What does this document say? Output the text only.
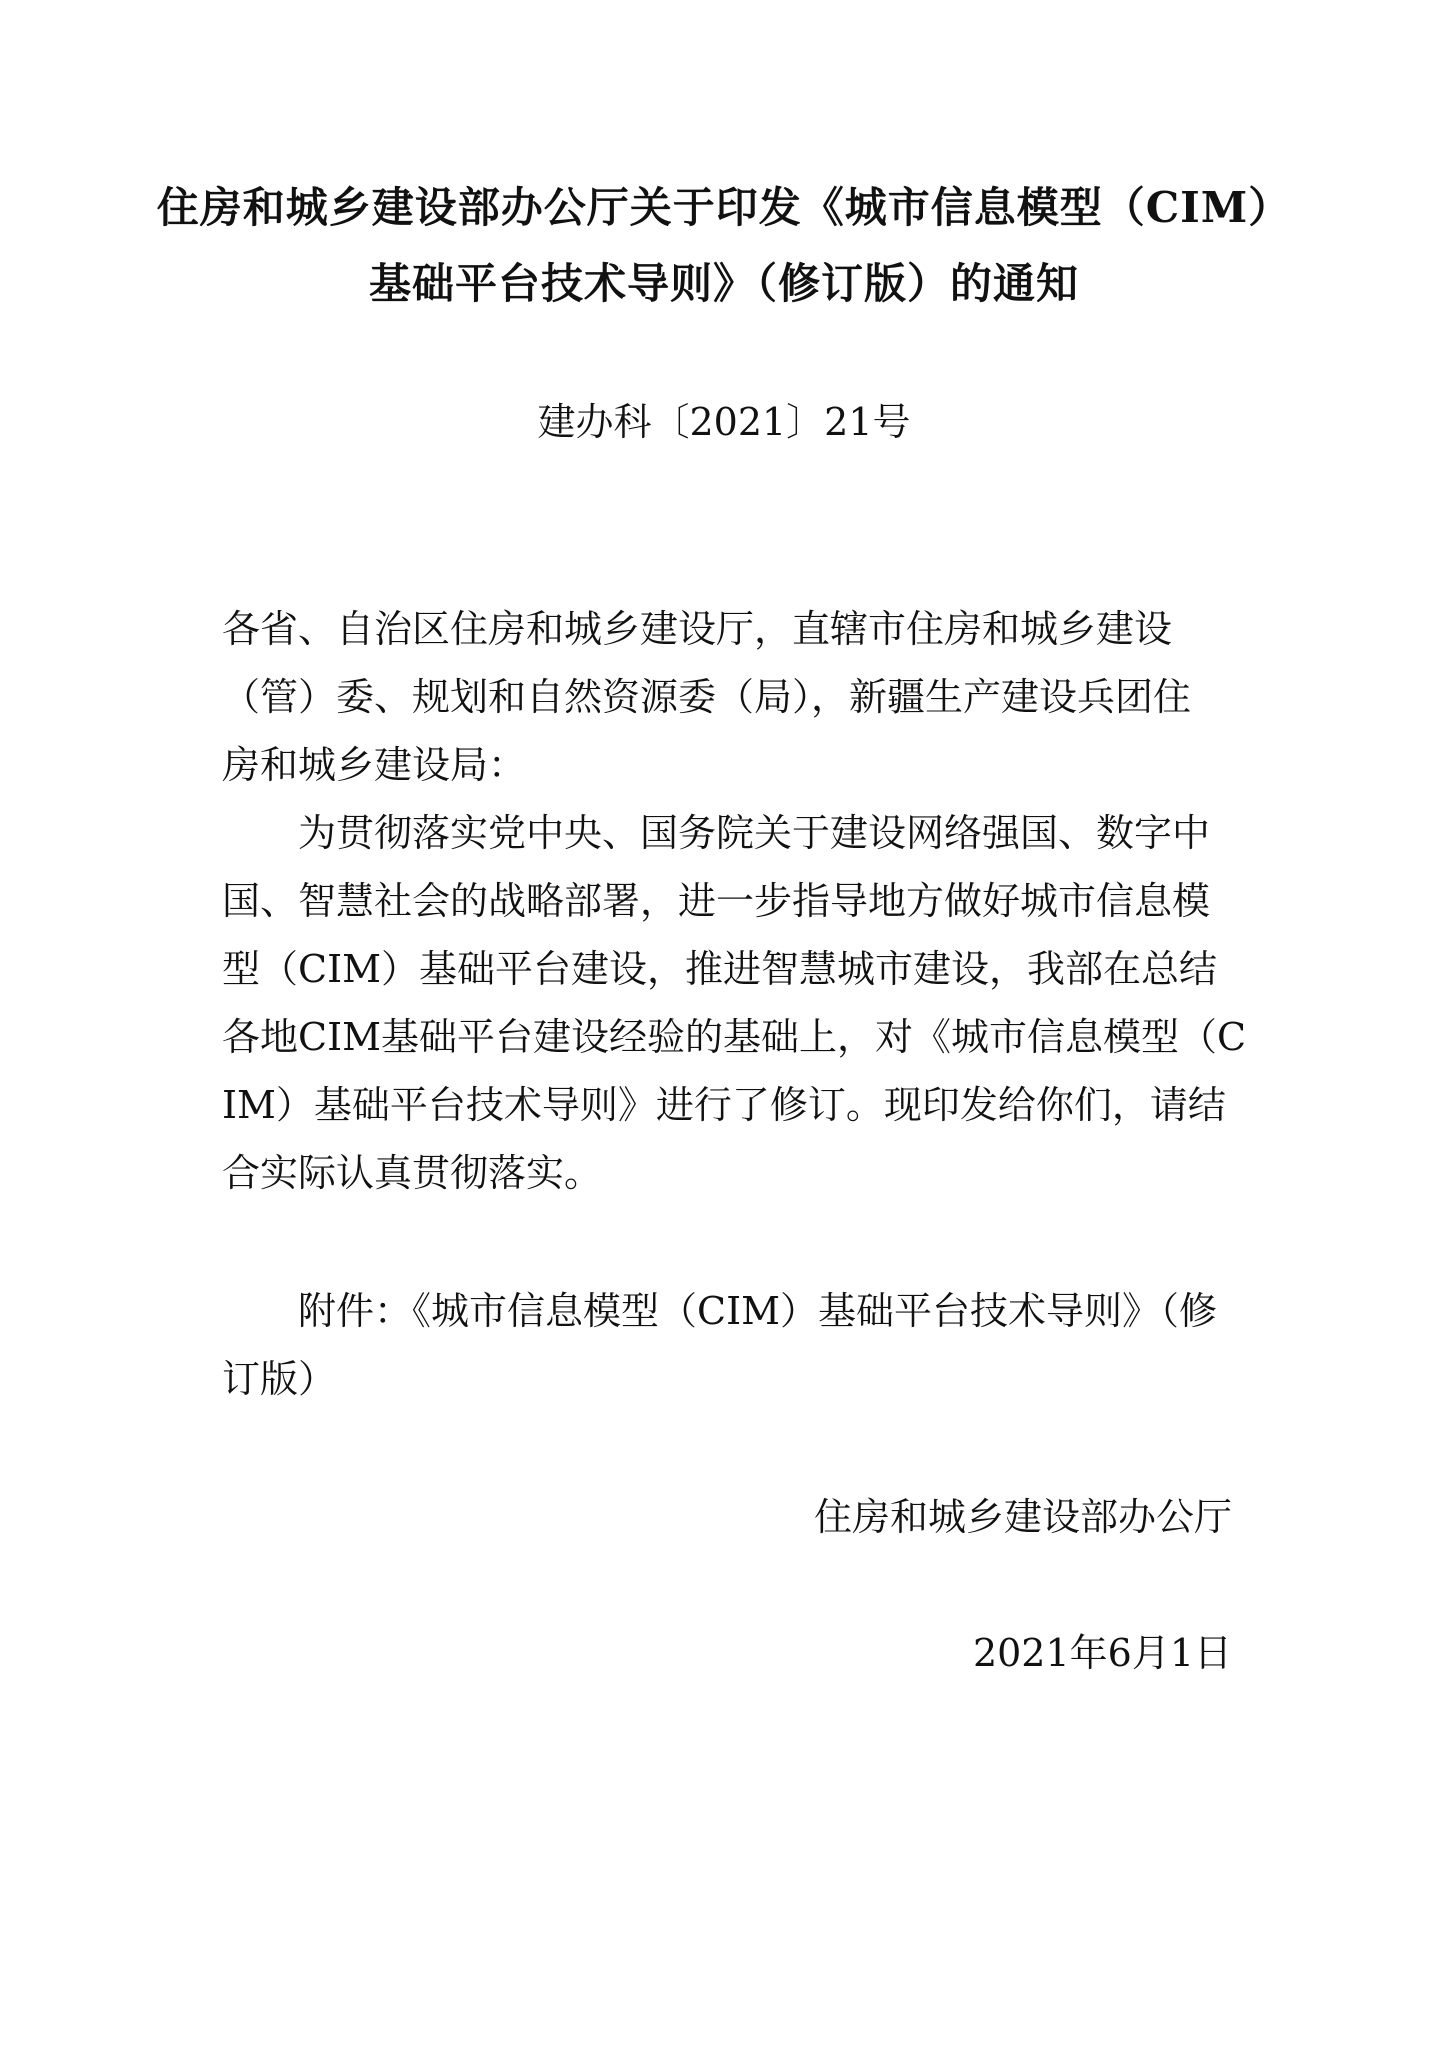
住房和城乡建设部办公厅关于印发《城市信息模型（CIM）
基础平台技术导则》（修订版）的通知
建办科〔2021〕21号
各省、自治区住房和城乡建设厅，直辖市住房和城乡建设
（管）委、规划和自然资源委（局），新疆生产建设兵团住
房和城乡建设局：
为贯彻落实党中央、国务院关于建设网络强国、数字中
国、智慧社会的战略部署，进一步指导地方做好城市信息模
型（CIM）基础平台建设，推进智慧城市建设，我部在总结
各地CIM基础平台建设经验的基础上，对《城市信息模型（C
IM）基础平台技术导则》进行了修订。现印发给你们，请结
合实际认真贯彻落实。
附件：《城市信息模型（CIM）基础平台技术导则》（修
订版）
住房和城乡建设部办公厅
2021年6月1日
